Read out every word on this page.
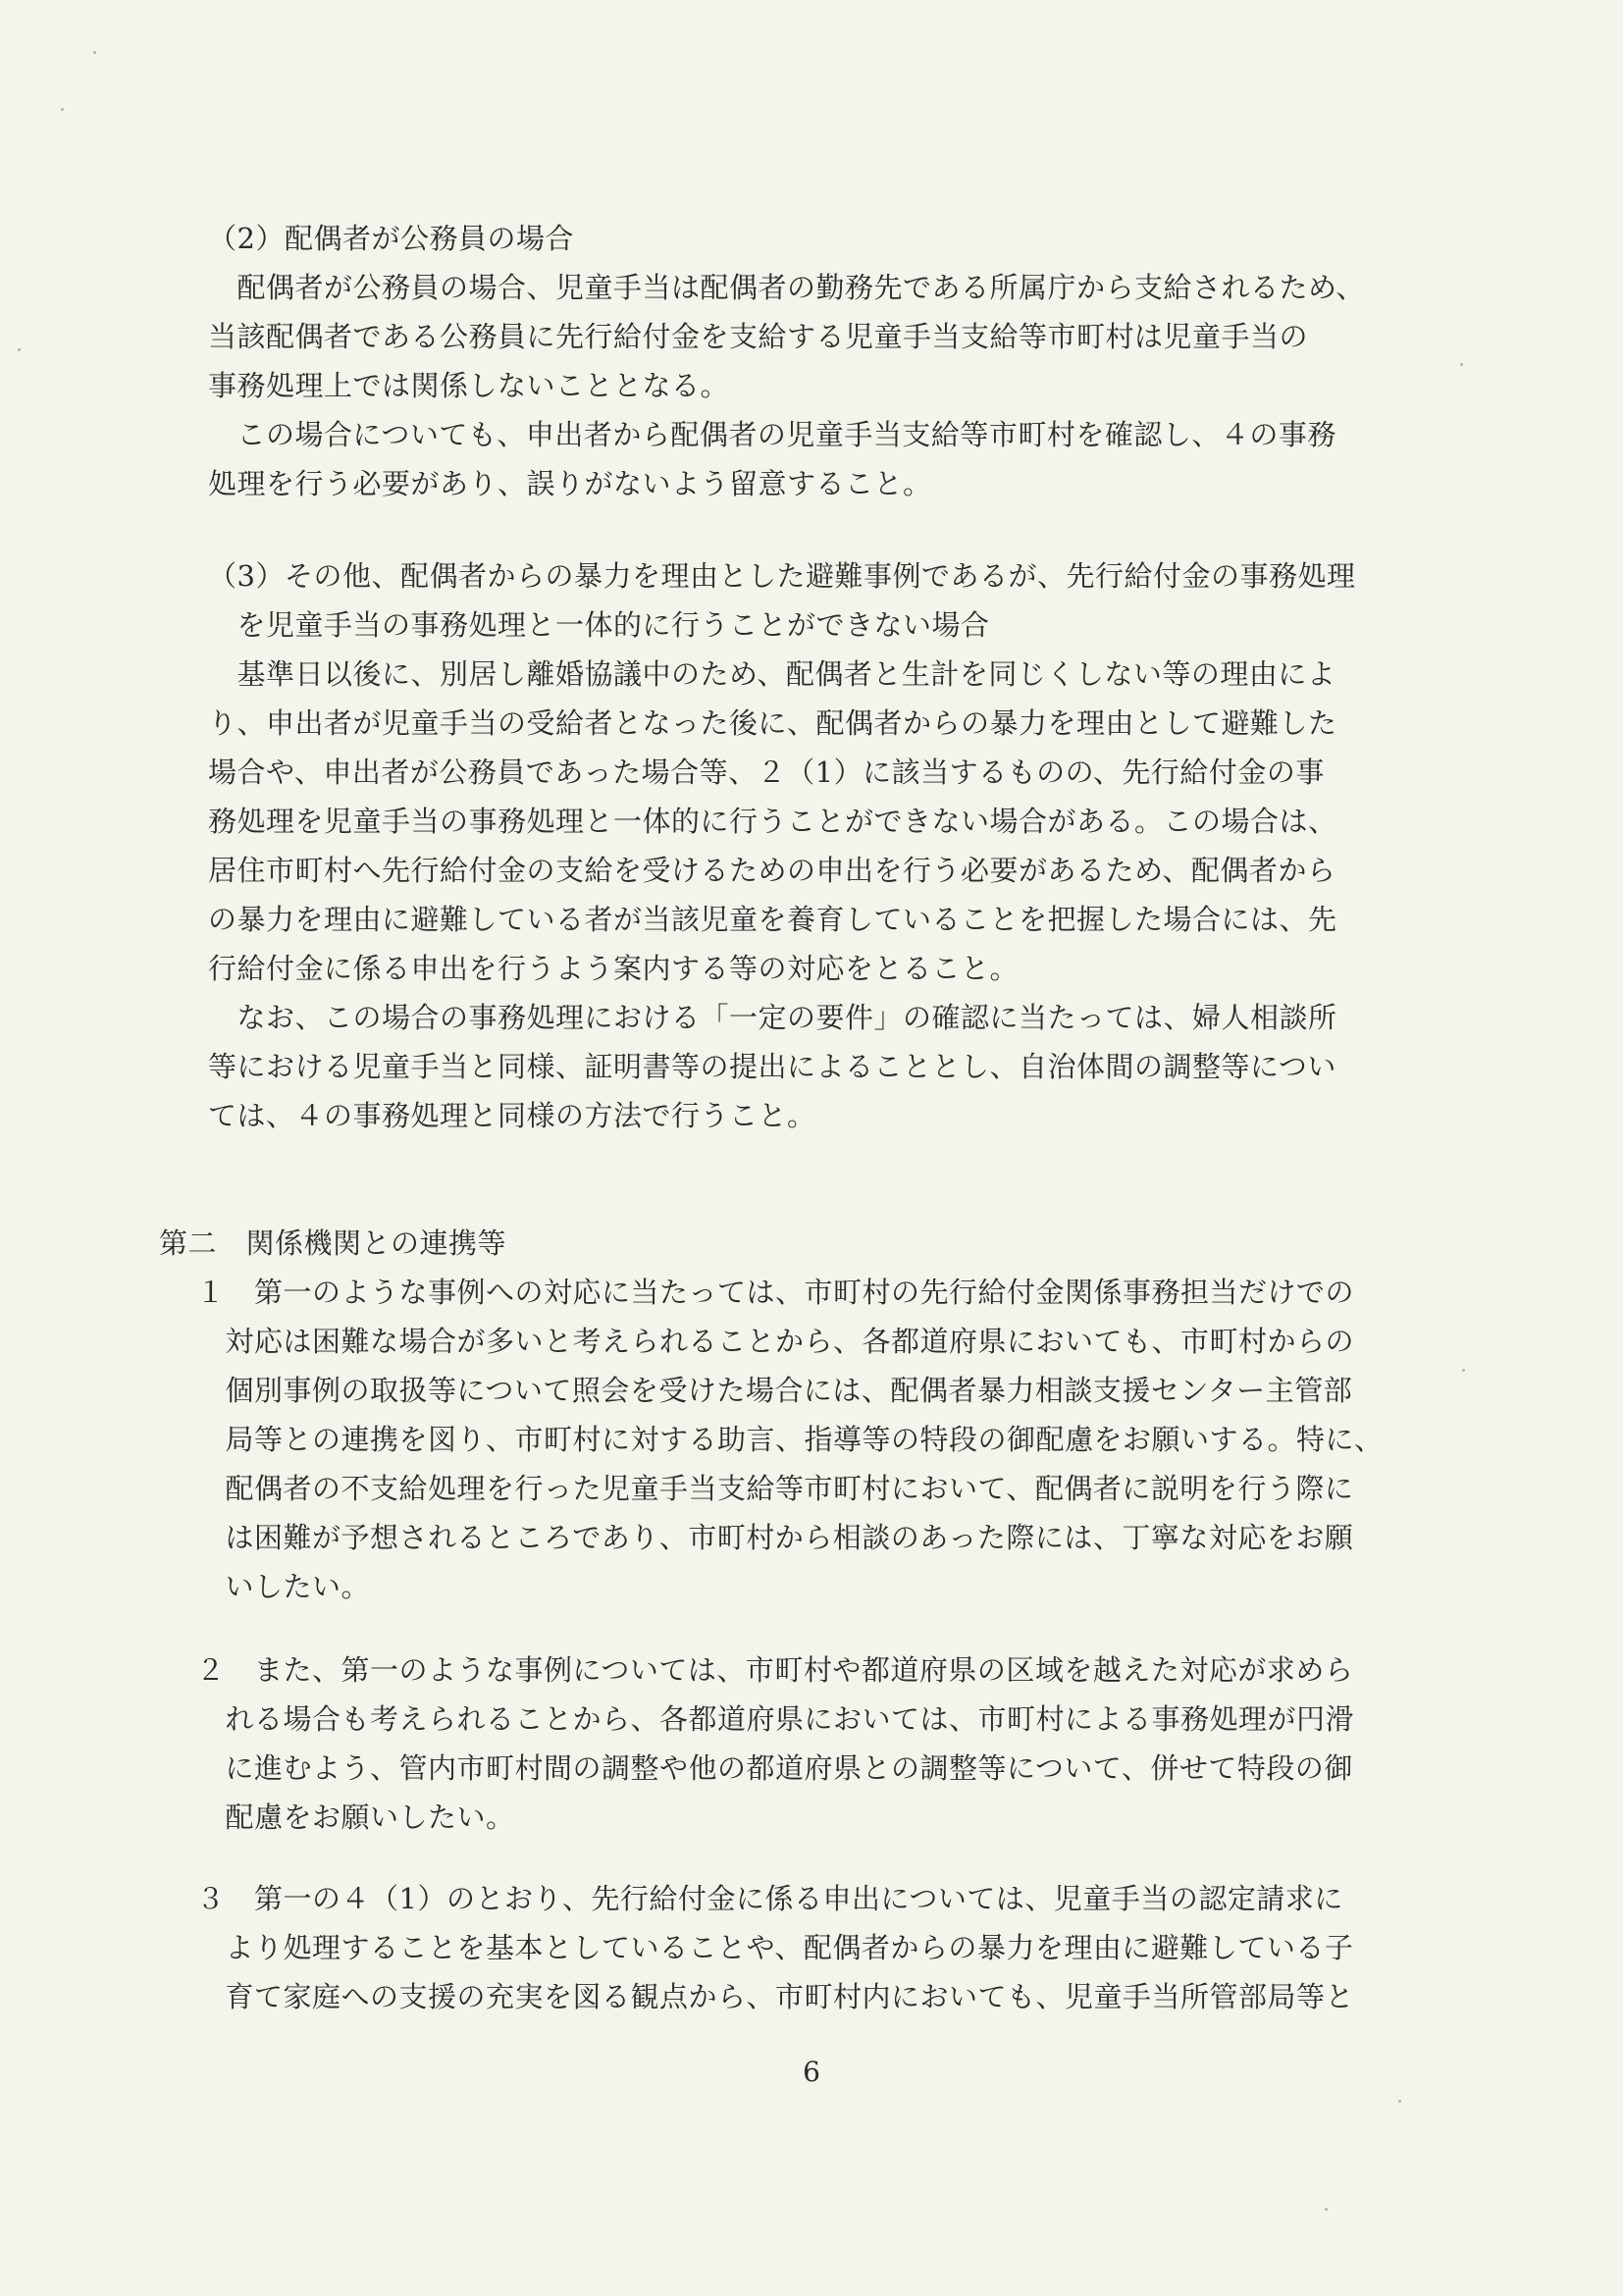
（2）配偶者が公務員の場合
　配偶者が公務員の場合、児童手当は配偶者の勤務先である所属庁から支給されるため、
当該配偶者である公務員に先行給付金を支給する児童手当支給等市町村は児童手当の
事務処理上では関係しないこととなる。
　この場合についても、申出者から配偶者の児童手当支給等市町村を確認し、４の事務
処理を行う必要があり、誤りがないよう留意すること。
（3）その他、配偶者からの暴力を理由とした避難事例であるが、先行給付金の事務処理
　を児童手当の事務処理と一体的に行うことができない場合
　基準日以後に、別居し離婚協議中のため、配偶者と生計を同じくしない等の理由によ
り、申出者が児童手当の受給者となった後に、配偶者からの暴力を理由として避難した
場合や、申出者が公務員であった場合等、２（1）に該当するものの、先行給付金の事
務処理を児童手当の事務処理と一体的に行うことができない場合がある。この場合は、
居住市町村へ先行給付金の支給を受けるための申出を行う必要があるため、配偶者から
の暴力を理由に避難している者が当該児童を養育していることを把握した場合には、先
行給付金に係る申出を行うよう案内する等の対応をとること。
　なお、この場合の事務処理における「一定の要件」の確認に当たっては、婦人相談所
等における児童手当と同様、証明書等の提出によることとし、自治体間の調整等につい
ては、４の事務処理と同様の方法で行うこと。
第二　関係機関との連携等
１　第一のような事例への対応に当たっては、市町村の先行給付金関係事務担当だけでの
　対応は困難な場合が多いと考えられることから、各都道府県においても、市町村からの
　個別事例の取扱等について照会を受けた場合には、配偶者暴力相談支援センター主管部
　局等との連携を図り、市町村に対する助言、指導等の特段の御配慮をお願いする。特に、
　配偶者の不支給処理を行った児童手当支給等市町村において、配偶者に説明を行う際に
　は困難が予想されるところであり、市町村から相談のあった際には、丁寧な対応をお願
　いしたい。
２　また、第一のような事例については、市町村や都道府県の区域を越えた対応が求めら
　れる場合も考えられることから、各都道府県においては、市町村による事務処理が円滑
　に進むよう、管内市町村間の調整や他の都道府県との調整等について、併せて特段の御
　配慮をお願いしたい。
３　第一の４（1）のとおり、先行給付金に係る申出については、児童手当の認定請求に
　より処理することを基本としていることや、配偶者からの暴力を理由に避難している子
　育て家庭への支援の充実を図る観点から、市町村内においても、児童手当所管部局等と
6
